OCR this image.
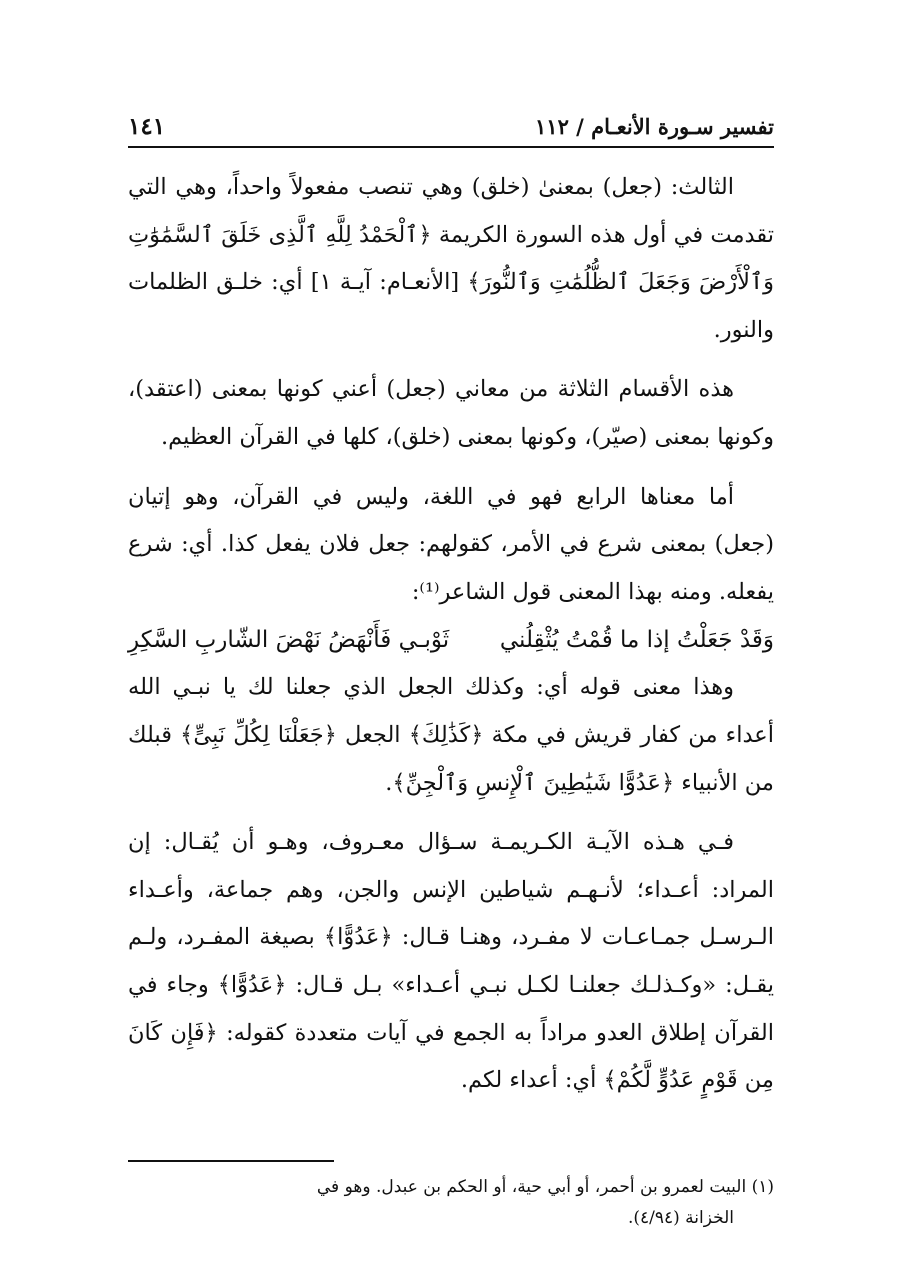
تفسير سـورة الأنعـام / ١١٢
١٤١

الثالث: (جعل) بمعنىٰ (خلق) وهي تنصب مفعولاً واحداً، وهي التي تقدمت في أول هذه السورة الكريمة ﴿ٱلْحَمْدُ لِلَّهِ ٱلَّذِى خَلَقَ ٱلسَّمَٰوَٰتِ وَٱلْأَرْضَ وَجَعَلَ ٱلظُّلُمَٰتِ وَٱلنُّورَ﴾ [الأنعـام: آيـة ١] أي: خلـق الظلمات والنور.

هذه الأقسام الثلاثة من معاني (جعل) أعني كونها بمعنى (اعتقد)، وكونها بمعنى (صيّر)، وكونها بمعنى (خلق)، كلها في القرآن العظيم.

أما معناها الرابع فهو في اللغة، وليس في القرآن، وهو إتيان (جعل) بمعنى شرع في الأمر، كقولهم: جعل فلان يفعل كذا. أي: شرع يفعله. ومنه بهذا المعنى قول الشاعر⁽¹⁾:

وَقَدْ جَعَلْتُ إذا ما قُمْتُ يُثْقِلُني
ثَوْبـي فَأَنْهَضُ نَهْضَ الشّاربِ السَّكِرِ

وهذا معنى قوله أي: وكذلك الجعل الذي جعلنا لك يا نبـي الله أعداء من كفار قريش في مكة ﴿كَذَٰلِكَ﴾ الجعل ﴿جَعَلْنَا لِكُلِّ نَبِىٍّ﴾ قبلك من الأنبياء ﴿عَدُوًّا شَيَٰطِينَ ٱلْإِنسِ وَٱلْجِنِّ﴾.

فـي هـذه الآيـة الكـريمـة سـؤال معـروف، وهـو أن يُقـال: إن المراد: أعـداء؛ لأنـهـم شياطين الإنس والجن، وهم جماعة، وأعـداء الـرسـل جمـاعـات لا مفـرد، وهنـا قـال: ﴿عَدُوًّا﴾ بصيغة المفـرد، ولـم يقـل: «وكـذلـك جعلنـا لكـل نبـي أعـداء» بـل قـال: ﴿عَدُوًّا﴾ وجاء في القرآن إطلاق العدو مراداً به الجمع في آيات متعددة كقوله: ﴿فَإِن كَانَ مِن قَوْمٍ عَدُوٍّ لَّكُمْ﴾ أي: أعداء لكم.

(١) البيت لعمرو بن أحمر، أو أبي حية، أو الحكم بن عبدل. وهو في
الخزانة (٤/٩٤).
